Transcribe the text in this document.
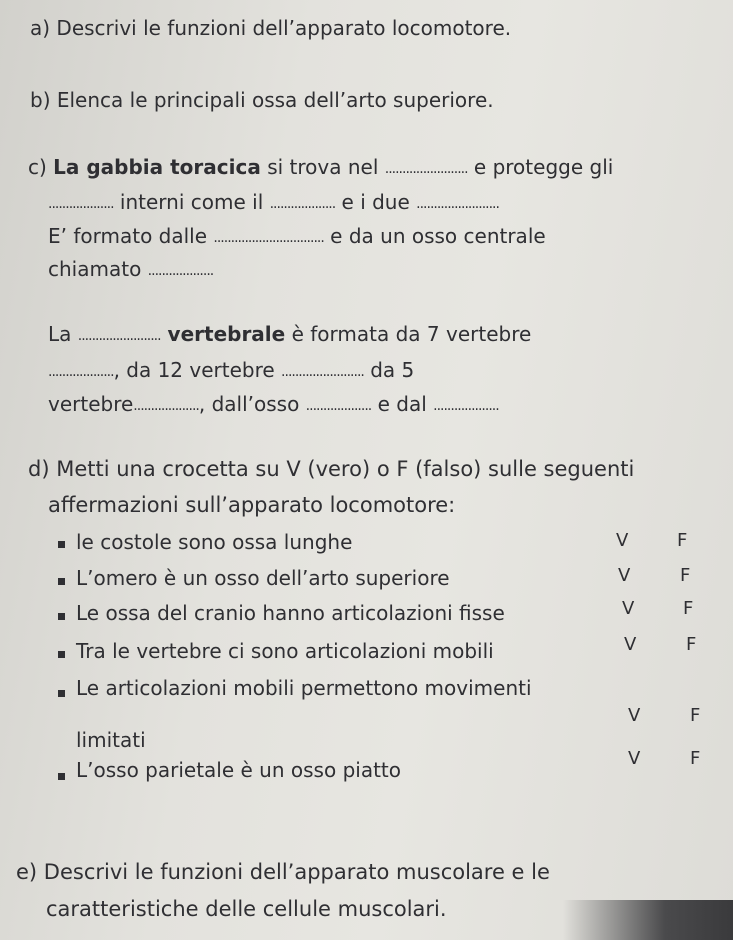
a) Descrivi le funzioni dell’apparato locomotore.
b) Elenca le principali ossa dell’arto superiore.
c) La gabbia toracica si trova nel ........................ e protegge gli
................... interni come il ................... e i due ........................
E’ formato dalle ................................ e da un osso centrale
chiamato ...................
La ........................ vertebrale è formata da 7 vertebre
..................., da 12 vertebre ........................ da 5
vertebre..................., dall’osso ................... e dal ...................
d) Metti una crocetta su V (vero) o F (falso) sulle seguenti
affermazioni sull’apparato locomotore:
le costole sono ossa lunghe	V	F
L’omero è un osso dell’arto superiore	V	F
Le ossa del cranio hanno articolazioni fisse	V	F
Tra le vertebre ci sono articolazioni mobili	V	F
Le articolazioni mobili permettono movimenti
limitati
V	F
L’osso parietale è un osso piatto	V	F
e) Descrivi le funzioni dell’apparato muscolare e le
caratteristiche delle cellule muscolari.
